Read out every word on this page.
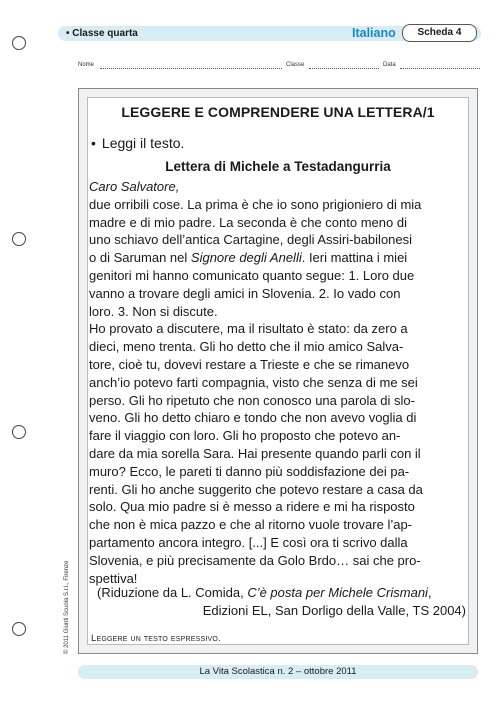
• Classe quarta	Italiano	Scheda 4
Nome	Classe	Data
LEGGERE E COMPRENDERE UNA LETTERA/1
• Leggi il testo.
Lettera di Michele a Testadangurria
Caro Salvatore,
due orribili cose. La prima è che io sono prigioniero di mia
madre e di mio padre. La seconda è che conto meno di
uno schiavo dell’antica Cartagine, degli Assiri-babilonesi
o di Saruman nel Signore degli Anelli. Ieri mattina i miei
genitori mi hanno comunicato quanto segue: 1. Loro due
vanno a trovare degli amici in Slovenia. 2. Io vado con
loro. 3. Non si discute.
Ho provato a discutere, ma il risultato è stato: da zero a
dieci, meno trenta. Gli ho detto che il mio amico Salva-
tore, cioè tu, dovevi restare a Trieste e che se rimanevo
anch’io potevo farti compagnia, visto che senza di me sei
perso. Gli ho ripetuto che non conosco una parola di slo-
veno. Gli ho detto chiaro e tondo che non avevo voglia di
fare il viaggio con loro. Gli ho proposto che potevo an-
dare da mia sorella Sara. Hai presente quando parli con il
muro? Ecco, le pareti ti danno più soddisfazione dei pa-
renti. Gli ho anche suggerito che potevo restare a casa da
solo. Qua mio padre si è messo a ridere e mi ha risposto
che non è mica pazzo e che al ritorno vuole trovare l’ap-
partamento ancora integro. [...] E così ora ti scrivo dalla
Slovenia, e più precisamente da Golo Brdo… sai che pro-
spettiva!
(Riduzione da L. Comida, C’è posta per Michele Crismani,
Edizioni EL, San Dorligo della Valle, TS 2004)
Leggere un testo espressivo.
La Vita Scolastica n. 2 – ottobre 2011
© 2011 Giunti Scuola S.r.l., Firenze
